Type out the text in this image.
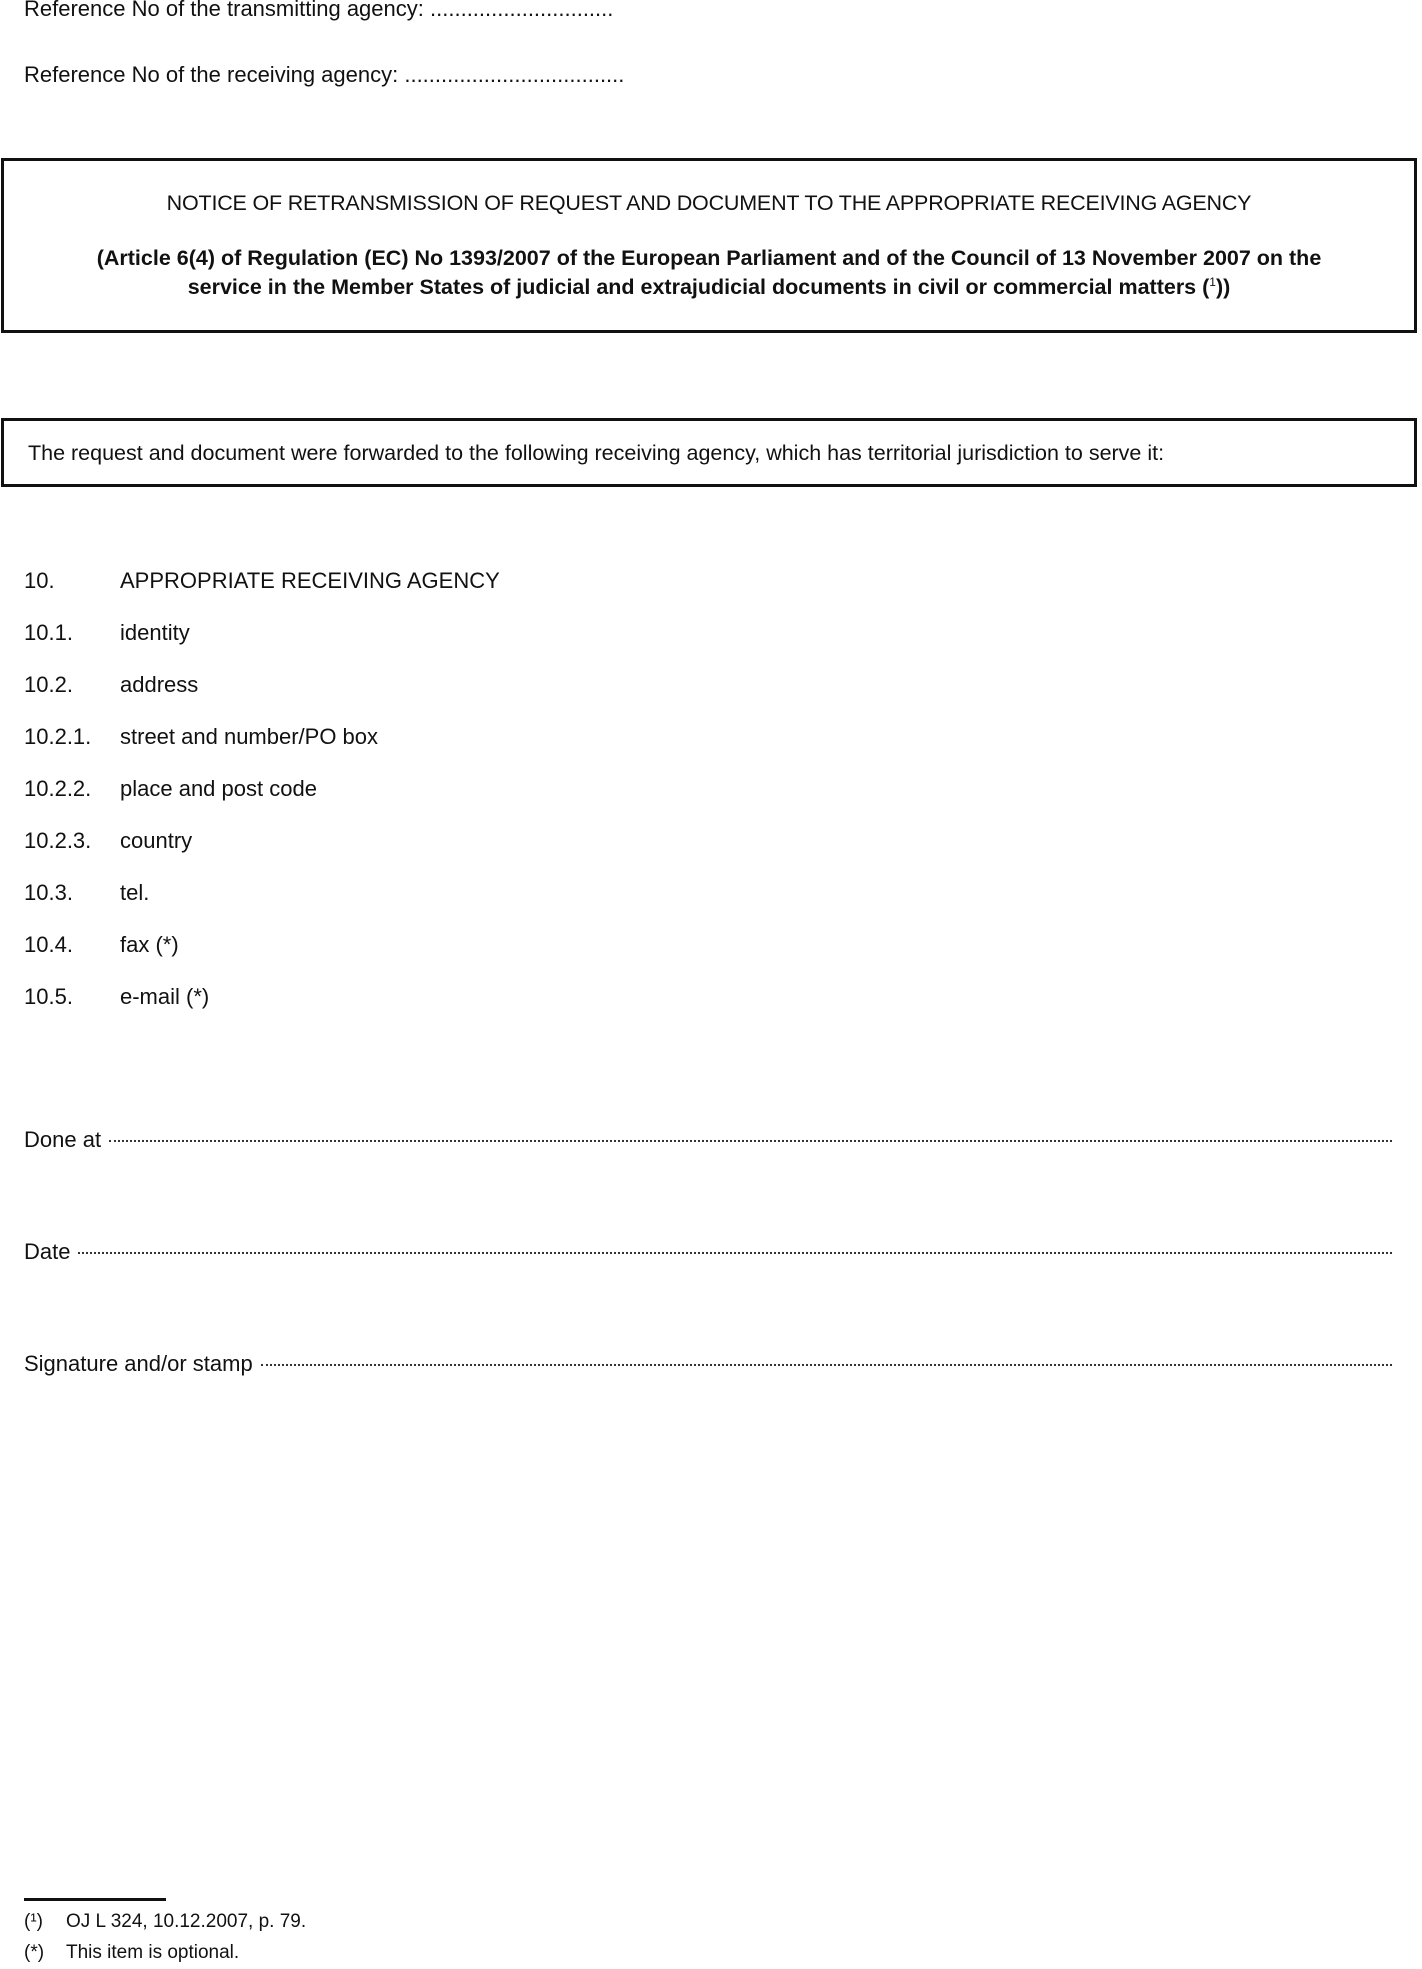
Reference No of the transmitting agency: ..............................
Reference No of the receiving agency: ....................................
NOTICE OF RETRANSMISSION OF REQUEST AND DOCUMENT TO THE APPROPRIATE RECEIVING AGENCY
(Article 6(4) of Regulation (EC) No 1393/2007 of the European Parliament and of the Council of 13 November 2007 on the
service in the Member States of judicial and extrajudicial documents in civil or commercial matters ($^1$))
The request and document were forwarded to the following receiving agency, which has territorial jurisdiction to serve it:
10.	APPROPRIATE RECEIVING AGENCY
10.1.	identity
10.2.	address
10.2.1.	street and number/PO box
10.2.2.	place and post code
10.2.3.	country
10.3.	tel.
10.4.	fax (*)
10.5.	e-mail (*)
Done at
Date
Signature and/or stamp
(¹)	OJ L 324, 10.12.2007, p. 79.
(*)	This item is optional.
